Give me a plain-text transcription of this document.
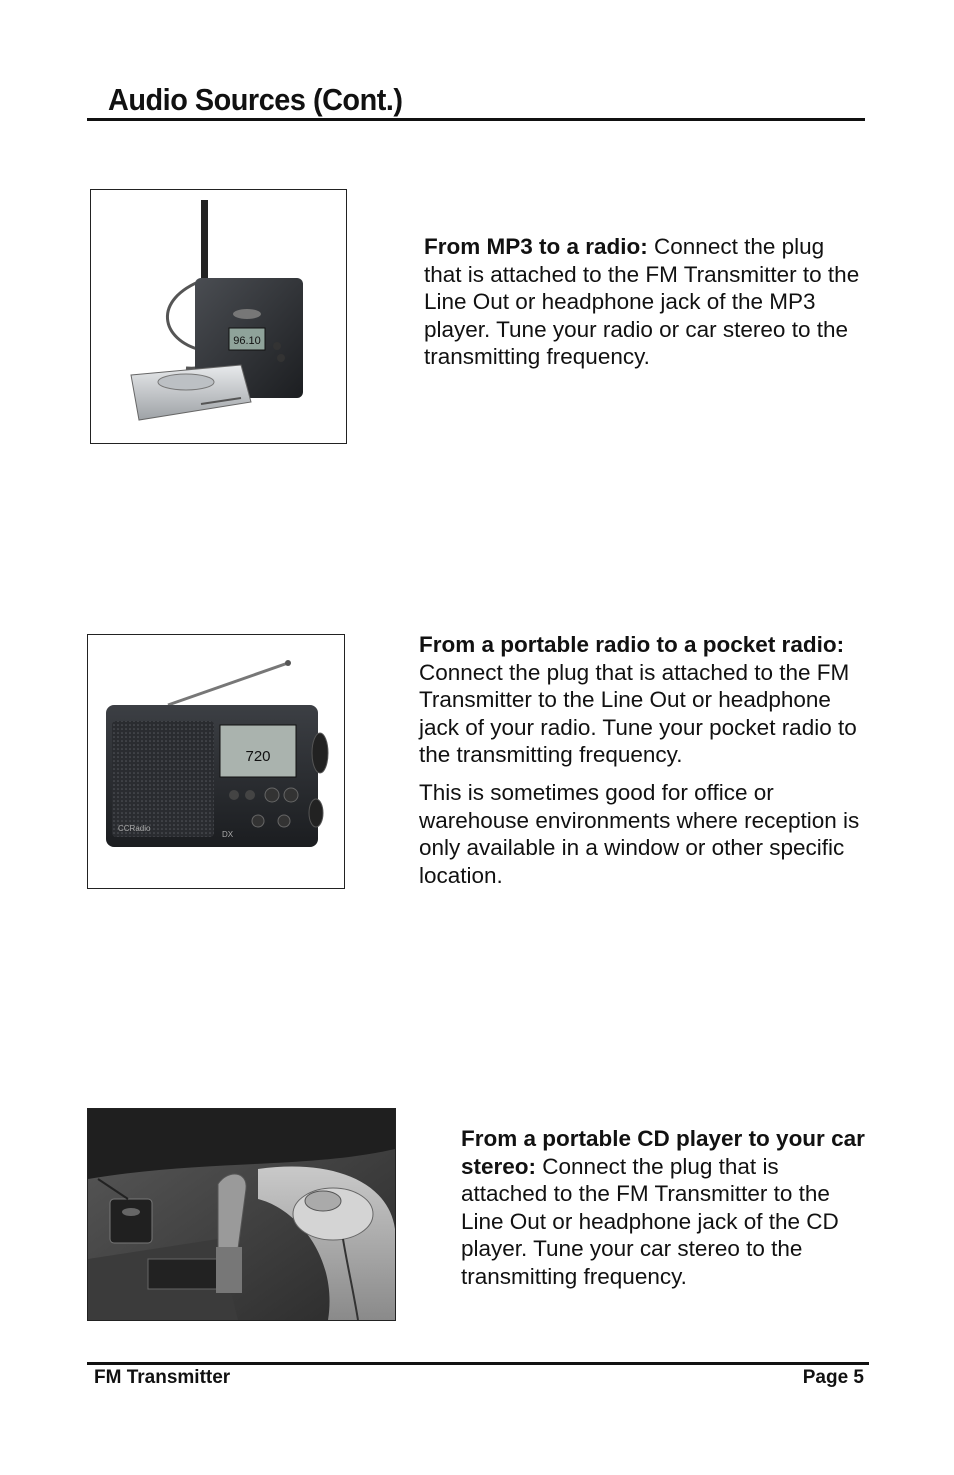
Audio Sources (Cont.)
96.10

From MP3 to a radio: Connect the plug that is attached to the FM Transmitter to the Line Out or headphone jack of the MP3 player. Tune your radio or car stereo to the transmitting frequency.

720
CCRadio
DX

From a portable radio to a pocket radio: Connect the plug that is attached to the FM Transmitter to the Line Out or headphone jack of your radio. Tune your pocket radio to the transmitting frequency.

This is sometimes good for office or warehouse environments where reception is only available in a window or other specific location.

From a portable CD player to your car stereo: Connect the plug that is attached to the FM Transmitter to the Line Out or headphone jack of the CD player. Tune your car stereo to the transmitting frequency.

FM Transmitter	Page 5
